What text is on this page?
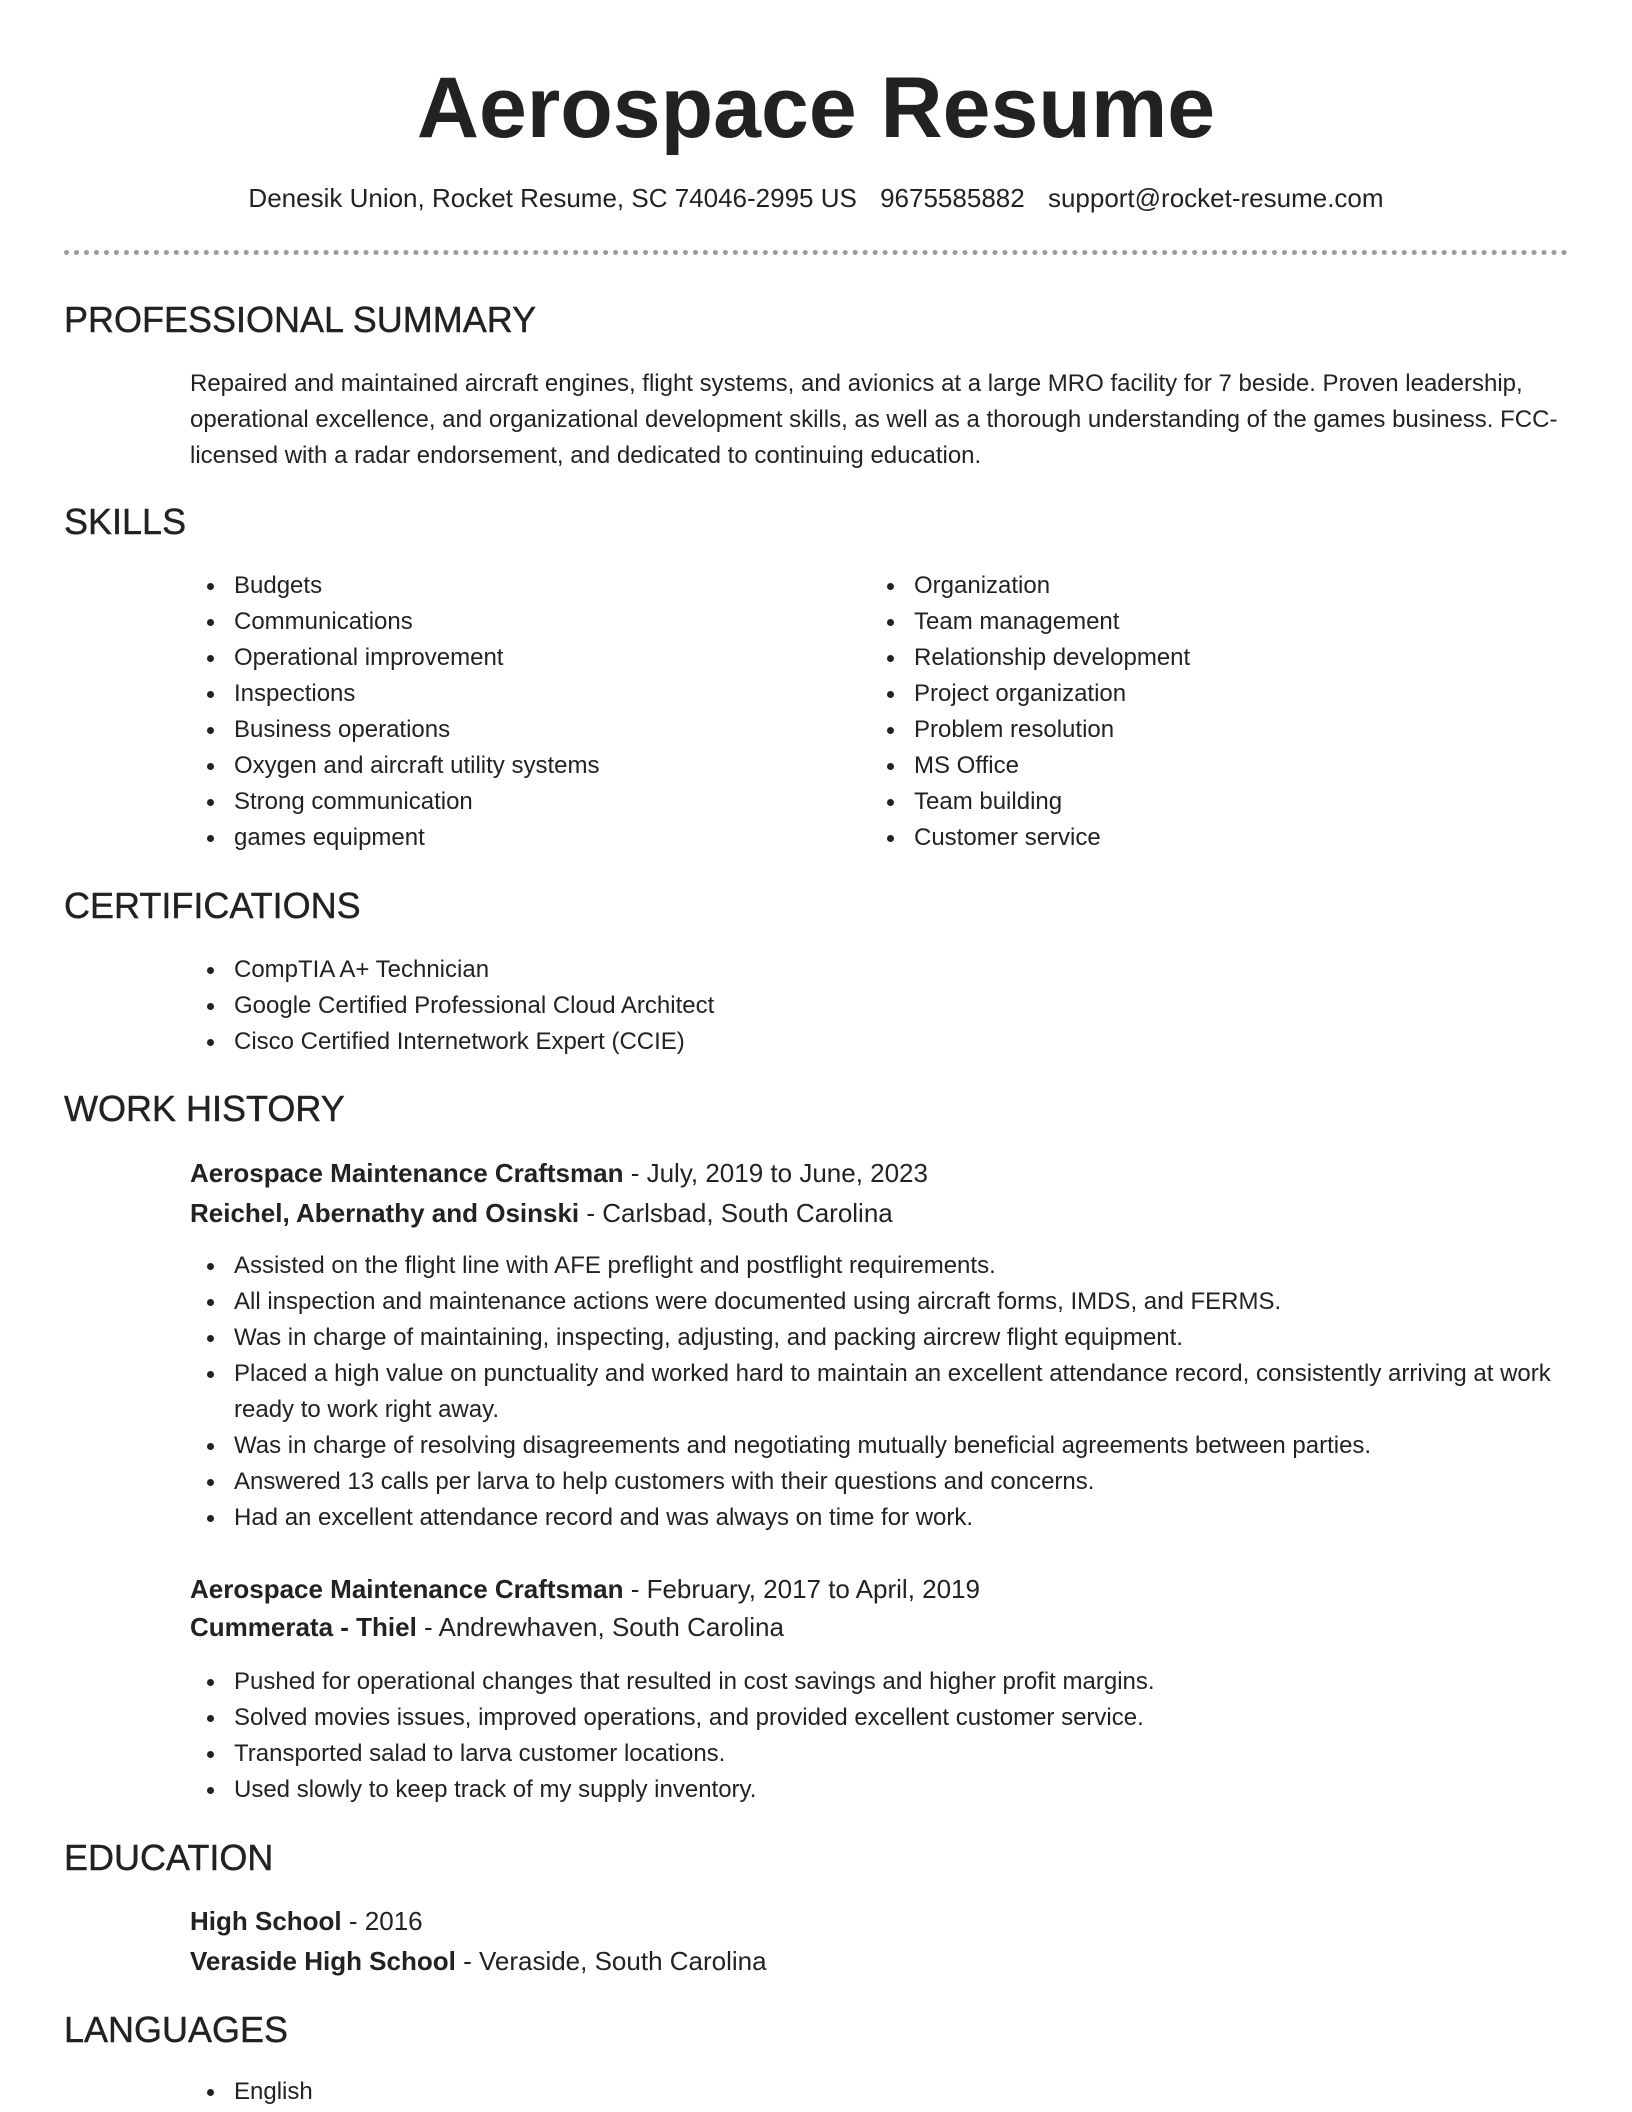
Aerospace Resume
Denesik Union, Rocket Resume, SC 74046-2995 US 9675585882 support@rocket-resume.com
PROFESSIONAL SUMMARY

Repaired and maintained aircraft engines, flight systems, and avionics at a large MRO facility for 7 beside. Proven leadership, operational excellence, and organizational development skills, as well as a thorough understanding of the games business. FCC-licensed with a radar endorsement, and dedicated to continuing education.

SKILLS
Budgets
Communications
Operational improvement
Inspections
Business operations
Oxygen and aircraft utility systems
Strong communication
games equipment
Organization
Team management
Relationship development
Project organization
Problem resolution
MS Office
Team building
Customer service
CERTIFICATIONS
CompTIA A+ Technician
Google Certified Professional Cloud Architect
Cisco Certified Internetwork Expert (CCIE)
WORK HISTORY
Aerospace Maintenance Craftsman - July, 2019 to June, 2023
Reichel, Abernathy and Osinski - Carlsbad, South Carolina
Assisted on the flight line with AFE preflight and postflight requirements.
All inspection and maintenance actions were documented using aircraft forms, IMDS, and FERMS.
Was in charge of maintaining, inspecting, adjusting, and packing aircrew flight equipment.
Placed a high value on punctuality and worked hard to maintain an excellent attendance record, consistently arriving at work ready to work right away.
Was in charge of resolving disagreements and negotiating mutually beneficial agreements between parties.
Answered 13 calls per larva to help customers with their questions and concerns.
Had an excellent attendance record and was always on time for work.
Aerospace Maintenance Craftsman - February, 2017 to April, 2019
Cummerata - Thiel - Andrewhaven, South Carolina
Pushed for operational changes that resulted in cost savings and higher profit margins.
Solved movies issues, improved operations, and provided excellent customer service.
Transported salad to larva customer locations.
Used slowly to keep track of my supply inventory.
EDUCATION
High School - 2016
Veraside High School - Veraside, South Carolina
LANGUAGES
English
